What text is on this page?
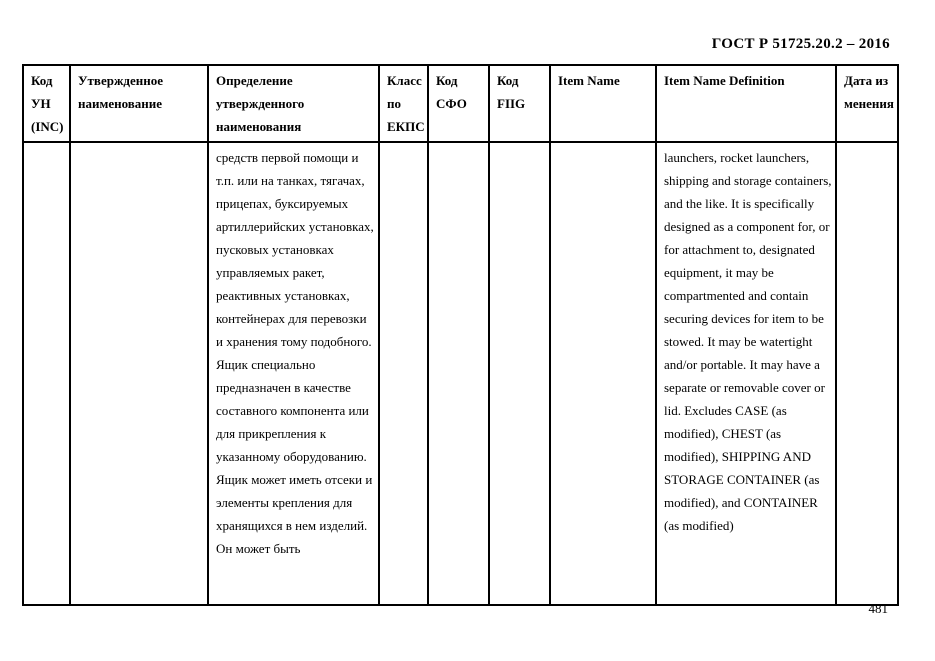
ГОСТ Р 51725.20.2 – 2016
Код УН (INC)	Утвержденное наименование	Определение утвержденного наименования	Класс по ЕКПС	Код СФО	Код FIIG	Item Name	Item Name Definition	Дата изменения
		средств первой помощи и т.п. или на танках, тягачах, прицепах, буксируемых артиллерийских установках, пусковых установках управляемых ракет, реактивных установках, контейнерах для перевозки и хранения тому подобного. Ящик специально предназначен в качестве составного компонента или для прикрепления к указанному оборудованию. Ящик может иметь отсеки и элементы крепления для хранящихся в нем изделий. Он может быть					launchers, rocket launchers, shipping and storage containers, and the like. It is specifically designed as a component for, or for attachment to, designated equipment, it may be compartmented and contain securing devices for item to be stowed. It may be watertight and/or portable. It may have a separate or removable cover or lid. Excludes CASE (as modified), CHEST (as modified), SHIPPING AND STORAGE CONTAINER (as modified), and CONTAINER (as modified)	
481
